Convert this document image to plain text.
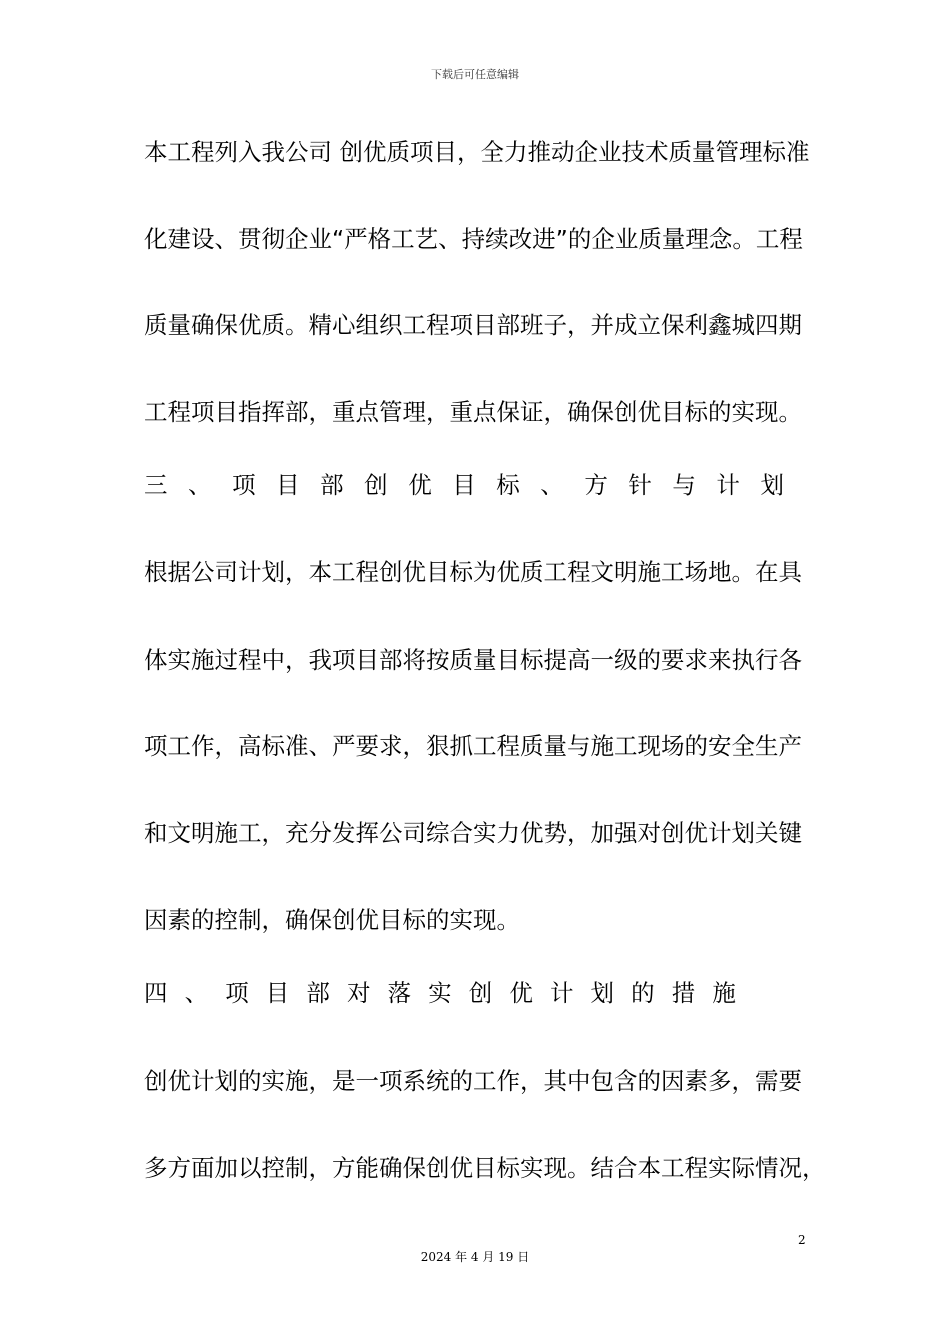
下载后可任意编辑
本工程列入我公司 创优质项目，全力推动企业技术质量管理标准
化建设、贯彻企业“严格工艺、持续改进”的企业质量理念。工程
质量确保优质。精心组织工程项目部班子，并成立保利鑫城四期
工程项目指挥部，重点管理，重点保证，确保创优目标的实现。
三 、 项 目 部 创 优 目 标 、 方 针 与 计 划
根据公司计划，本工程创优目标为优质工程文明施工场地。在具
体实施过程中，我项目部将按质量目标提高一级的要求来执行各
项工作，高标准、严要求，狠抓工程质量与施工现场的安全生产
和文明施工，充分发挥公司综合实力优势，加强对创优计划关键
因素的控制，确保创优目标的实现。
四 、 项 目 部 对 落 实 创 优 计 划 的 措 施
创优计划的实施，是一项系统的工作，其中包含的因素多，需要
多方面加以控制，方能确保创优目标实现。结合本工程实际情况，
2
2024 年 4 月 19 日
